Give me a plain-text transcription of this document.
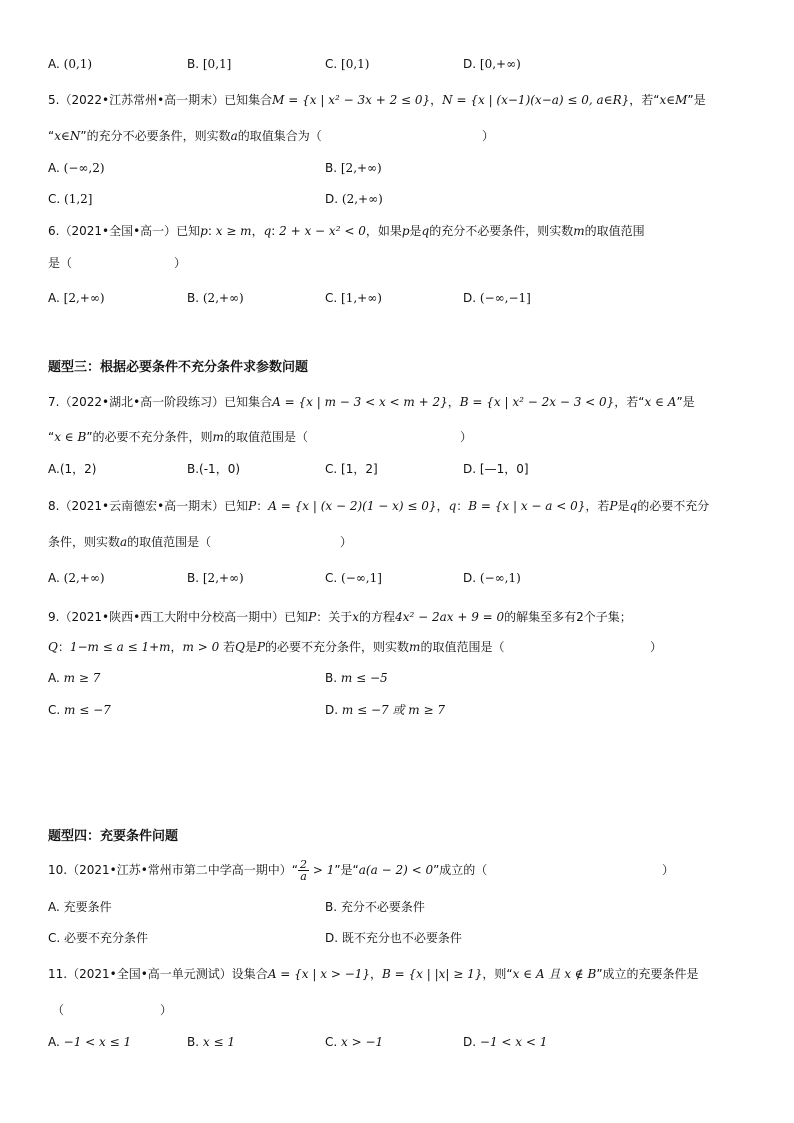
A. (0,1)	B. [0,1]	C. [0,1)	D. [0,+∞)
5.（2022•江苏常州•高一期末）已知集合M = {x | x² − 3x + 2 ≤ 0}，N = {x | (x−1)(x−a) ≤ 0, a∈R}，若“x∈M”是
“x∈N”的充分不必要条件，则实数a的取值集合为（	）
A. (−∞,2)	B. [2,+∞)
C. (1,2]	D. (2,+∞)
6.（2021•全国•高一）已知p: x ≥ m，q: 2 + x − x² < 0，如果p是q的充分不必要条件，则实数m的取值范围
是（	）
A. [2,+∞)	B. (2,+∞)	C. [1,+∞)	D. (−∞,−1]
题型三：根据必要条件不充分条件求参数问题
7.（2022•湖北•高一阶段练习）已知集合A = {x | m − 3 < x < m + 2}，B = {x | x² − 2x − 3 < 0}，若“x ∈ A”是
“x ∈ B”的必要不充分条件，则m的取值范围是（	）
A.(1，2)	B.(-1，0)	C. [1，2]	D. [—1，0]
8.（2021•云南德宏•高一期末）已知P：A = {x | (x − 2)(1 − x) ≤ 0}，q：B = {x | x − a < 0}，若P是q的必要不充分
条件，则实数a的取值范围是（	）
A. (2,+∞)	B. [2,+∞)	C. (−∞,1]	D. (−∞,1)
9.（2021•陕西•西工大附中分校高一期中）已知P：关于x的方程4x² − 2ax + 9 = 0的解集至多有2个子集；
Q：1−m ≤ a ≤ 1+m，m > 0 若Q是P的必要不充分条件，则实数m的取值范围是（	）
A. m ≥ 7	B. m ≤ −5
C. m ≤ −7	D. m ≤ −7 或 m ≥ 7
题型四：充要条件问题
10.（2021•江苏•常州市第二中学高一期中）“ $\frac{2}{a} > 1$”是“a(a − 2) < 0”成立的（	）
A. 充要条件	B. 充分不必要条件
C. 必要不充分条件	D. 既不充分也不必要条件
11.（2021•全国•高一单元测试）设集合A = {x | x > −1}，B = {x | |x| ≥ 1}，则“x ∈ A 且 x ∉ B”成立的充要条件是
（	）
A. −1 < x ≤ 1	B. x ≤ 1	C. x > −1	D. −1 < x < 1
